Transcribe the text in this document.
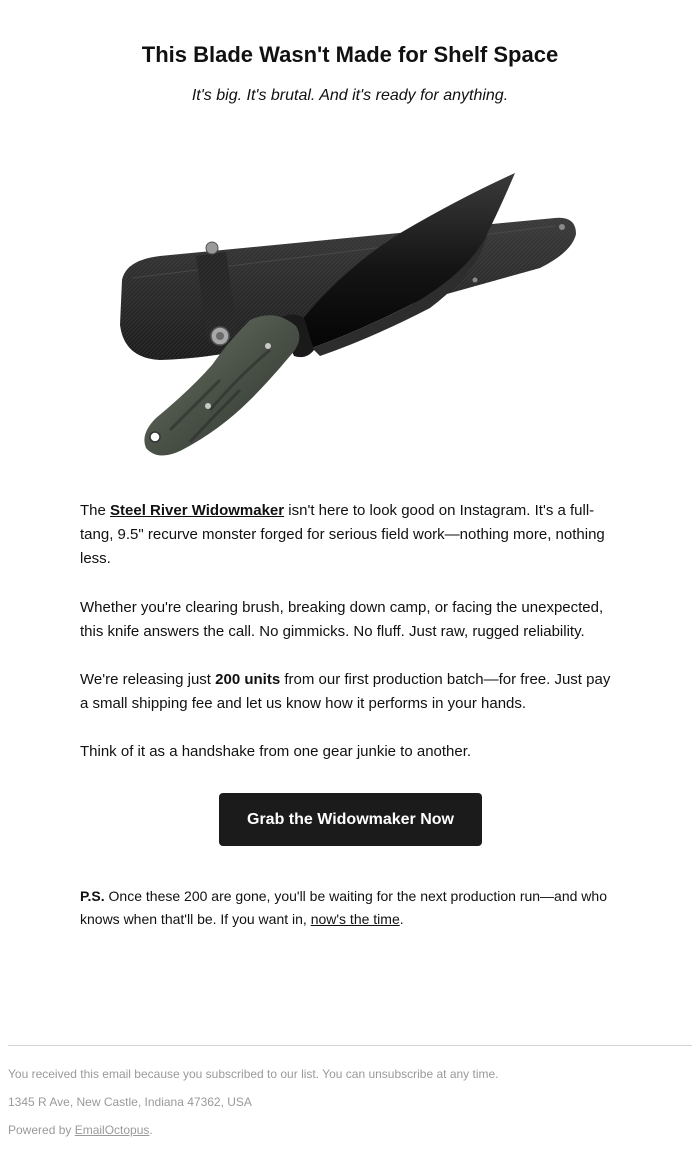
This Blade Wasn't Made for Shelf Space

It's big. It's brutal. And it's ready for anything.

The Steel River Widowmaker isn't here to look good on Instagram. It's a full-tang, 9.5" recurve monster forged for serious field work—nothing more, nothing less.

Whether you're clearing brush, breaking down camp, or facing the unexpected, this knife answers the call. No gimmicks. No fluff. Just raw, rugged reliability.

We're releasing just 200 units from our first production batch—for free. Just pay a small shipping fee and let us know how it performs in your hands.

Think of it as a handshake from one gear junkie to another.

Grab the Widowmaker Now

P.S. Once these 200 are gone, you'll be waiting for the next production run—and who knows when that'll be. If you want in, now's the time.

You received this email because you subscribed to our list. You can unsubscribe at any time.

1345 R Ave, New Castle, Indiana 47362, USA

Powered by EmailOctopus.
